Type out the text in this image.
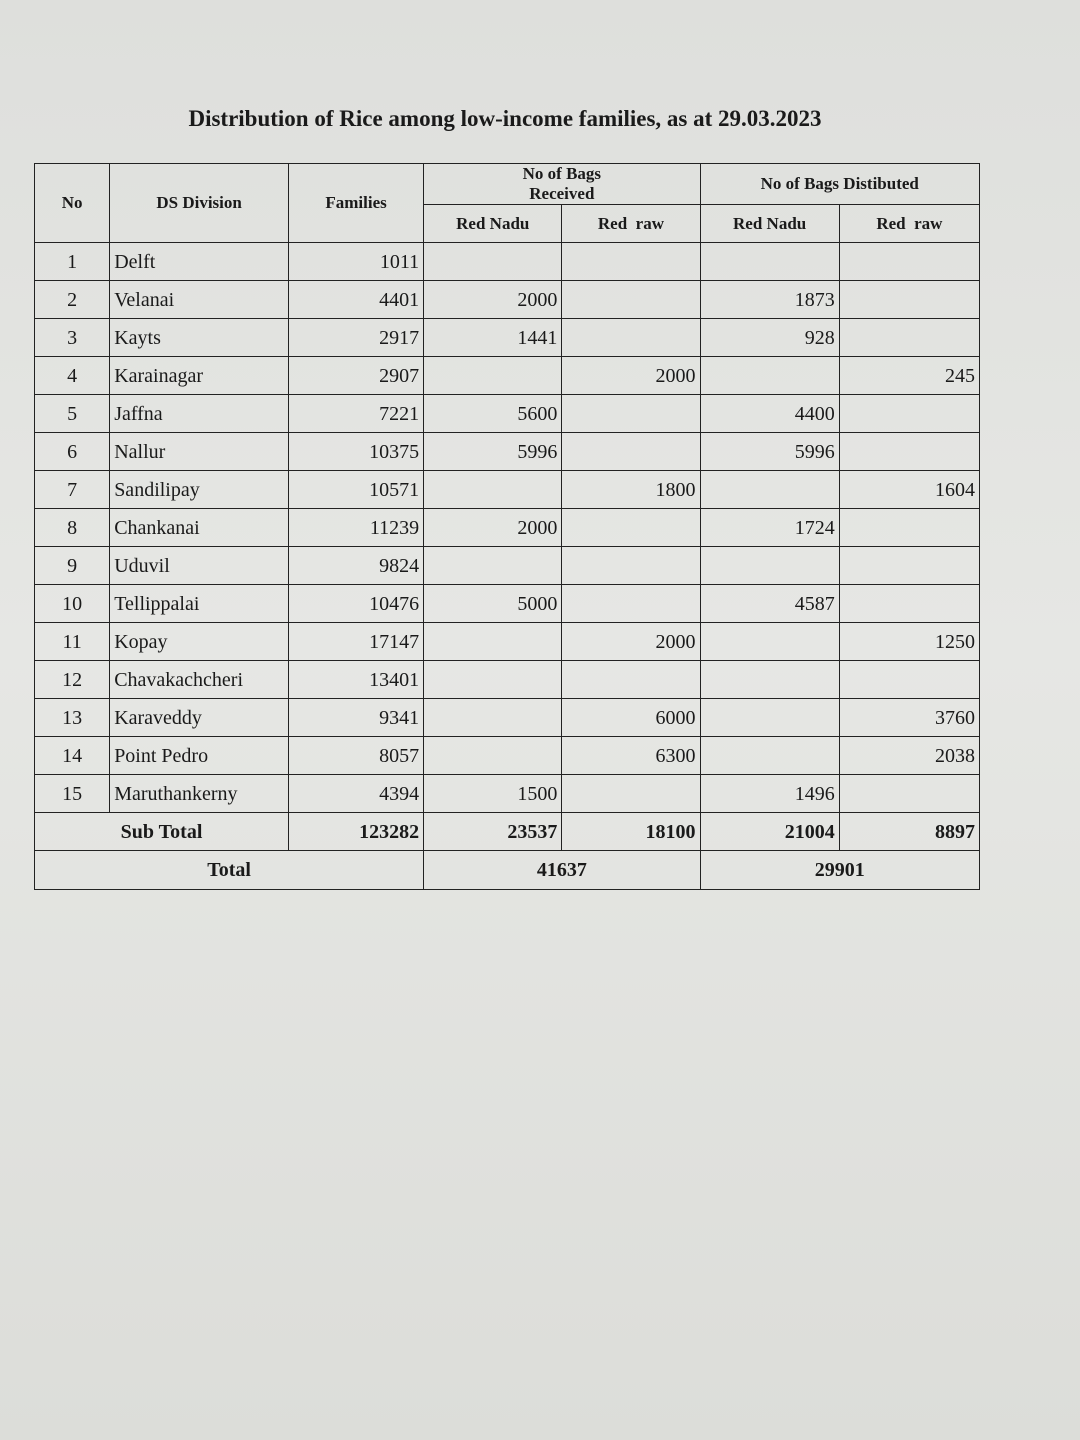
Distribution of Rice among low-income families, as at 29.03.2023
No	DS Division	Families	No of Bags Received		No of Bags Distibuted	
			Red Nadu	Red  raw	Red Nadu	Red  raw
1	Delft	1011				
2	Velanai	4401	2000		1873	
3	Kayts	2917	1441		928	
4	Karainagar	2907		2000		245
5	Jaffna	7221	5600		4400	
6	Nallur	10375	5996		5996	
7	Sandilipay	10571		1800		1604
8	Chankanai	11239	2000		1724	
9	Uduvil	9824				
10	Tellippalai	10476	5000		4587	
11	Kopay	17147		2000		1250
12	Chavakachcheri	13401				
13	Karaveddy	9341		6000		3760
14	Point Pedro	8057		6300		2038
15	Maruthankerny	4394	1500		1496	
Sub Total		123282	23537	18100	21004	8897
Total			41637		29901	
